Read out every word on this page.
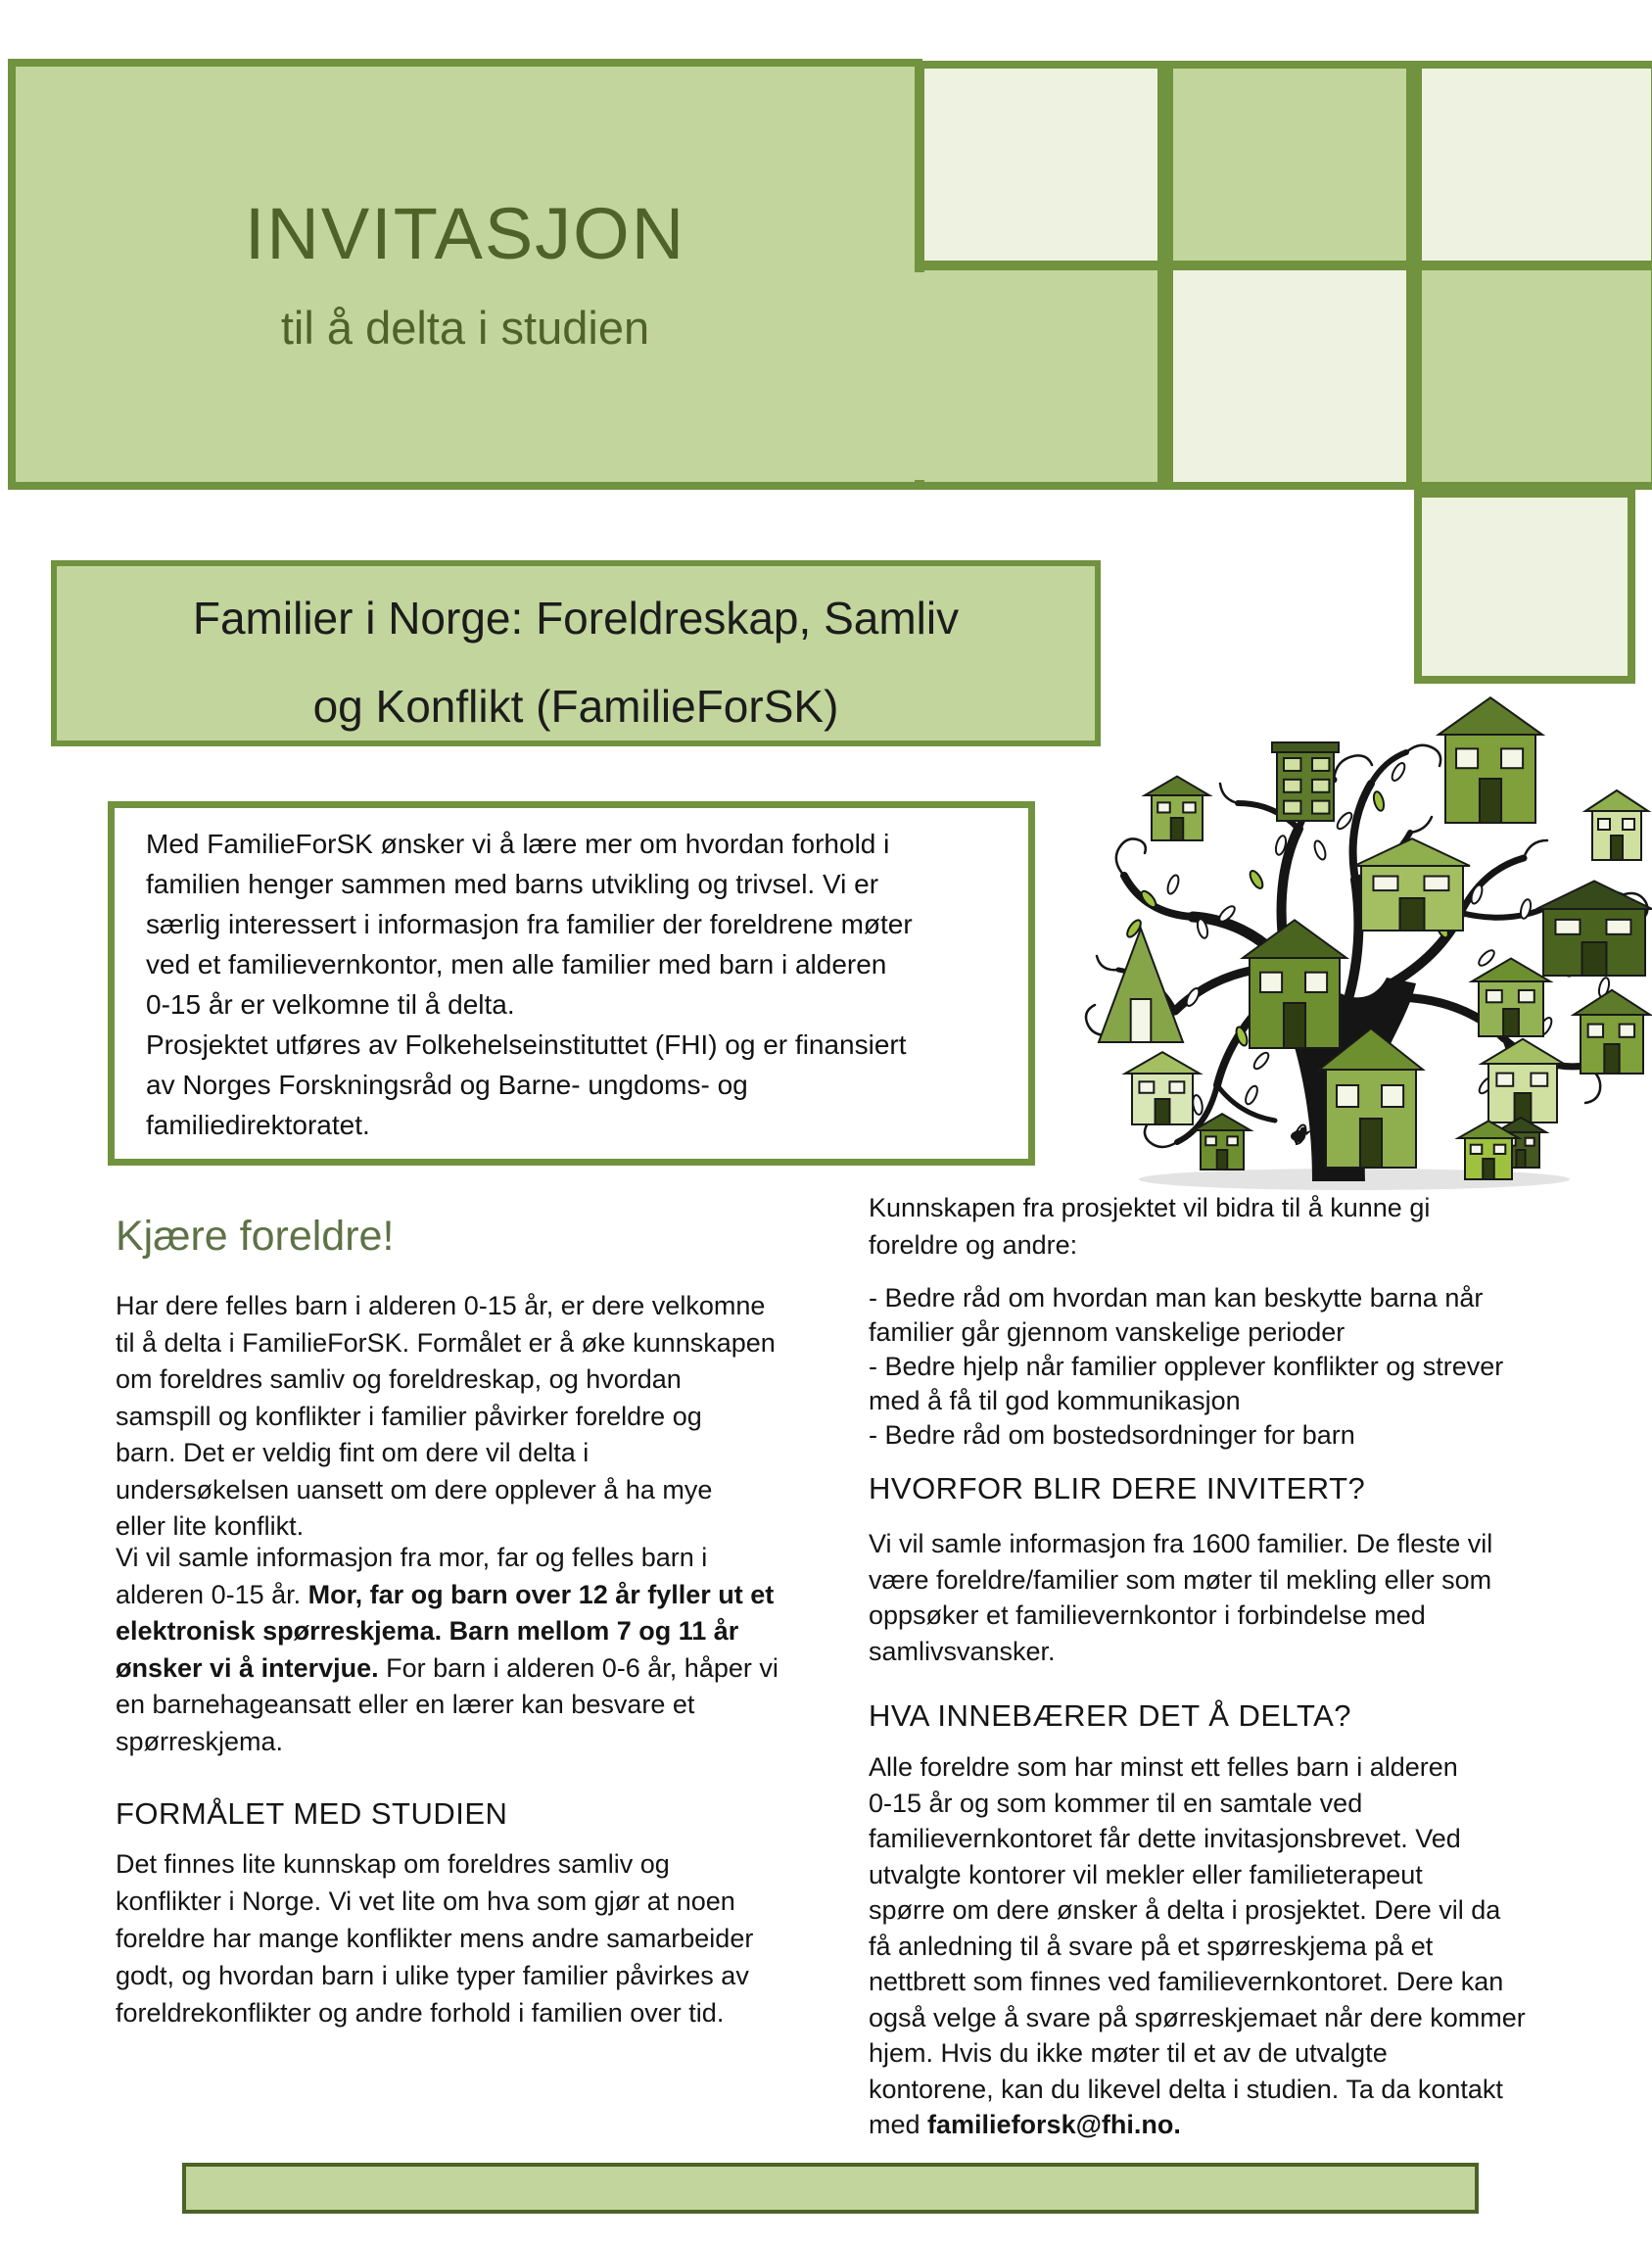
INVITASJON
til å delta i studien
Familier i Norge: Foreldreskap, Samliv
og Konflikt (FamilieForSK)
Med FamilieForSK ønsker vi å lære mer om hvordan forhold i
familien henger sammen med barns utvikling og trivsel. Vi er
særlig interessert i informasjon fra familier der foreldrene møter
ved et familievernkontor, men alle familier med barn i alderen
0-15 år er velkomne til å delta.
Prosjektet utføres av Folkehelseinstituttet (FHI) og er finansiert
av Norges Forskningsråd og Barne- ungdoms- og
familiedirektoratet.
Kjære foreldre!
Har dere felles barn i alderen 0-15 år, er dere velkomne
til å delta i FamilieForSK. Formålet er å øke kunnskapen
om foreldres samliv og foreldreskap, og hvordan
samspill og konflikter i familier påvirker foreldre og
barn. Det er veldig fint om dere vil delta i
undersøkelsen uansett om dere opplever å ha mye
eller lite konflikt.
Vi vil samle informasjon fra mor, far og felles barn i
alderen 0-15 år. Mor, far og barn over 12 år fyller ut et
elektronisk spørreskjema. Barn mellom 7 og 11 år
ønsker vi å intervjue. For barn i alderen 0-6 år, håper vi
en barnehageansatt eller en lærer kan besvare et
spørreskjema.
FORMÅLET MED STUDIEN
Det finnes lite kunnskap om foreldres samliv og
konflikter i Norge. Vi vet lite om hva som gjør at noen
foreldre har mange konflikter mens andre samarbeider
godt, og hvordan barn i ulike typer familier påvirkes av
foreldrekonflikter og andre forhold i familien over tid.
Kunnskapen fra prosjektet vil bidra til å kunne gi
foreldre og andre:
- Bedre råd om hvordan man kan beskytte barna når
familier går gjennom vanskelige perioder
- Bedre hjelp når familier opplever konflikter og strever
med å få til god kommunikasjon
- Bedre råd om bostedsordninger for barn
HVORFOR BLIR DERE INVITERT?
Vi vil samle informasjon fra 1600 familier. De fleste vil
være foreldre/familier som møter til mekling eller som
oppsøker et familievernkontor i forbindelse med
samlivsvansker.
HVA INNEBÆRER DET Å DELTA?
Alle foreldre som har minst ett felles barn i alderen
0-15 år og som kommer til en samtale ved
familievernkontoret får dette invitasjonsbrevet. Ved
utvalgte kontorer vil mekler eller familieterapeut
spørre om dere ønsker å delta i prosjektet. Dere vil da
få anledning til å svare på et spørreskjema på et
nettbrett som finnes ved familievernkontoret. Dere kan
også velge å svare på spørreskjemaet når dere kommer
hjem. Hvis du ikke møter til et av de utvalgte
kontorene, kan du likevel delta i studien. Ta da kontakt
med familieforsk@fhi.no.
